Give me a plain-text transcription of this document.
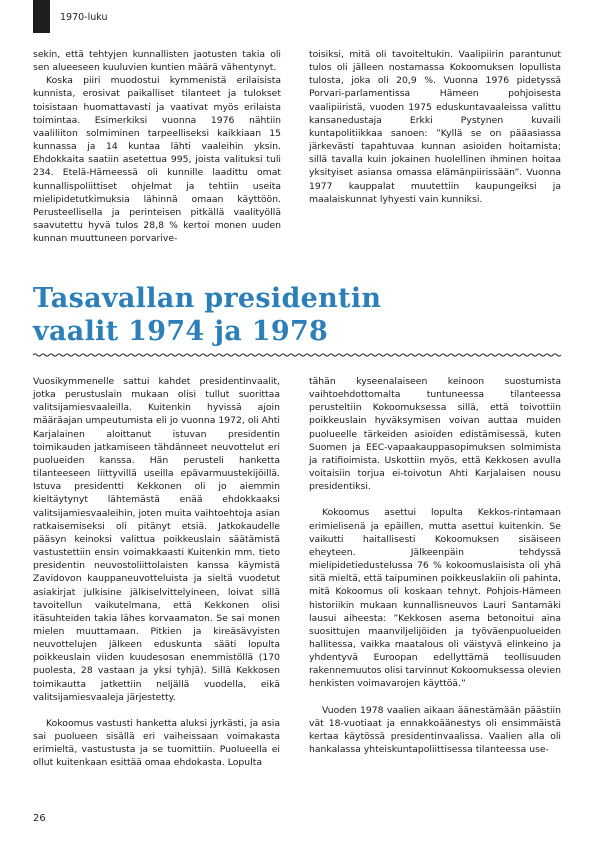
1970-luku

sekin, että tehtyjen kunnallisten jaotusten takia oli sen alueeseen kuuluvien kuntien määrä vähentynyt.

Koska piiri muodostui kymmenistä erilaisista kunnista, erosivat paikalliset tilanteet ja tulokset toisistaan huomattavasti ja vaativat myös erilaista toimintaa. Esimerkiksi vuonna 1976 nähtiin vaaliliiton solmiminen tarpeelliseksi kaikkiaan 15 kunnassa ja 14 kuntaa lähti vaaleihin yksin. Ehdokkaita saatiin asetettua 995, joista valituksi tuli 234. Etelä-Hämeessä oli kunnille laadittu omat kunnallispoliittiset ohjelmat ja tehtiin useita mielipidetutkimuksia lähinnä omaan käyttöön. Perusteellisella ja perinteisen pitkällä vaalityöllä saavutettu hyvä tulos 28,8 % kertoi monen uuden kunnan muuttuneen porvarive-

toisiksi, mitä oli tavoiteltukin. Vaalipiirin parantunut tulos oli jälleen nostamassa Kokoomuksen lopullista tulosta, joka oli 20,9 %. Vuonna 1976 pidetyssä Porvari-parlamentissa Hämeen pohjoisesta vaalipiiristä, vuoden 1975 eduskuntavaaleissa valittu kansanedustaja Erkki Pystynen kuvaili kuntapolitiikkaa sanoen: ”Kyllä se on pääasiassa järkevästi tapahtuvaa kunnan asioiden hoitamista; sillä tavalla kuin jokainen huolellinen ihminen hoitaa yksityiset asiansa omassa elämänpiirissään”. Vuonna 1977 kauppalat muutettiin kaupungeiksi ja maalaiskunnat lyhyesti vain kunniksi.

Tasavallan presidentin
vaalit 1974 ja 1978

Vuosikymmenelle sattui kahdet presidentinvaalit, jotka perustuslain mukaan olisi tullut suorittaa valitsijamiesvaaleilla. Kuitenkin hyvissä ajoin määräajan umpeutumista eli jo vuonna 1972, oli Ahti Karjalainen aloittanut istuvan presidentin toimikauden jatkamiseen tähdänneet neuvottelut eri puolueiden kanssa. Hän perusteli hanketta tilanteeseen liittyvillä useilla epävarmuustekijöillä. Istuva presidentti Kekkonen oli jo aiemmin kieltäytynyt lähtemästä enää ehdokkaaksi valitsijamiesvaaleihin, joten muita vaihtoehtoja asian ratkaisemiseksi oli pitänyt etsiä. Jatkokaudelle pääsyn keinoksi valittua poikkeuslain säätämistä vastustettiin ensin voimakkaasti Kuitenkin mm. tieto presidentin neuvostoliittolaisten kanssa käymistä Zavidovon kauppaneuvotteluista ja sieltä vuodetut asiakirjat julkisine jälkiselvittelyineen, loivat sillä tavoitellun vaikutelmana, että Kekkonen olisi itäsuhteiden takia lähes korvaamaton. Se sai monen mielen muuttamaan. Pitkien ja kireäsävyisten neuvottelujen jälkeen eduskunta sääti lopulta poikkeuslain viiden kuudesosan enemmistöllä (170 puolesta, 28 vastaan ja yksi tyhjä). Sillä Kekkosen toimikautta jatkettiin neljällä vuodella, eikä valitsijamiesvaaleja järjestetty.

Kokoomus vastusti hanketta aluksi jyrkästi, ja asia sai puolueen sisällä eri vaiheissaan voimakasta erimieltä, vastustusta ja se tuomittiin. Puolueella ei ollut kuitenkaan esittää omaa ehdokasta. Lopulta

tähän kyseenalaiseen keinoon suostumista vaihtoehdottomalta tuntuneessa tilanteessa perusteltiin Kokoomuksessa sillä, että toivottiin poikkeuslain hyväksymisen voivan auttaa muiden puolueelle tärkeiden asioiden edistämisessä, kuten Suomen ja EEC-vapaakauppasopimuksen solmimista ja ratifioimista. Uskottiin myös, että Kekkosen avulla voitaisiin torjua ei-toivotun Ahti Karjalaisen nousu presidentiksi.

Kokoomus asettui lopulta Kekkos-rintamaan erimielisenä ja epäillen, mutta asettui kuitenkin. Se vaikutti haitallisesti Kokoomuksen sisäiseen eheyteen. Jälkeenpäin tehdyssä mielipidetiedustelussa 76 % kokoomuslaisista oli yhä sitä mieltä, että taipuminen poikkeuslakiin oli pahinta, mitä Kokoomus oli koskaan tehnyt. Pohjois-Hämeen historiikin mukaan kunnallisneuvos Lauri Santamäki lausui aiheesta: ”Kekkosen asema betonoitui aina suosittujen maanviljelijöiden ja työväenpuolueiden hallitessa, vaikka maatalous oli väistyvä elinkeino ja yhdentyvä Euroopan edellyttämä teollisuuden rakennemuutos olisi tarvinnut Kokoomuksessa olevien henkisten voimavarojen käyttöä.”

Vuoden 1978 vaalien aikaan äänestämään päästiin vät 18-vuotiaat ja ennakkoäänestys oli ensimmäistä kertaa käytössä presidentinvaalissa. Vaalien alla oli hankalassa yhteiskuntapoliittisessa tilanteessa use-

26
